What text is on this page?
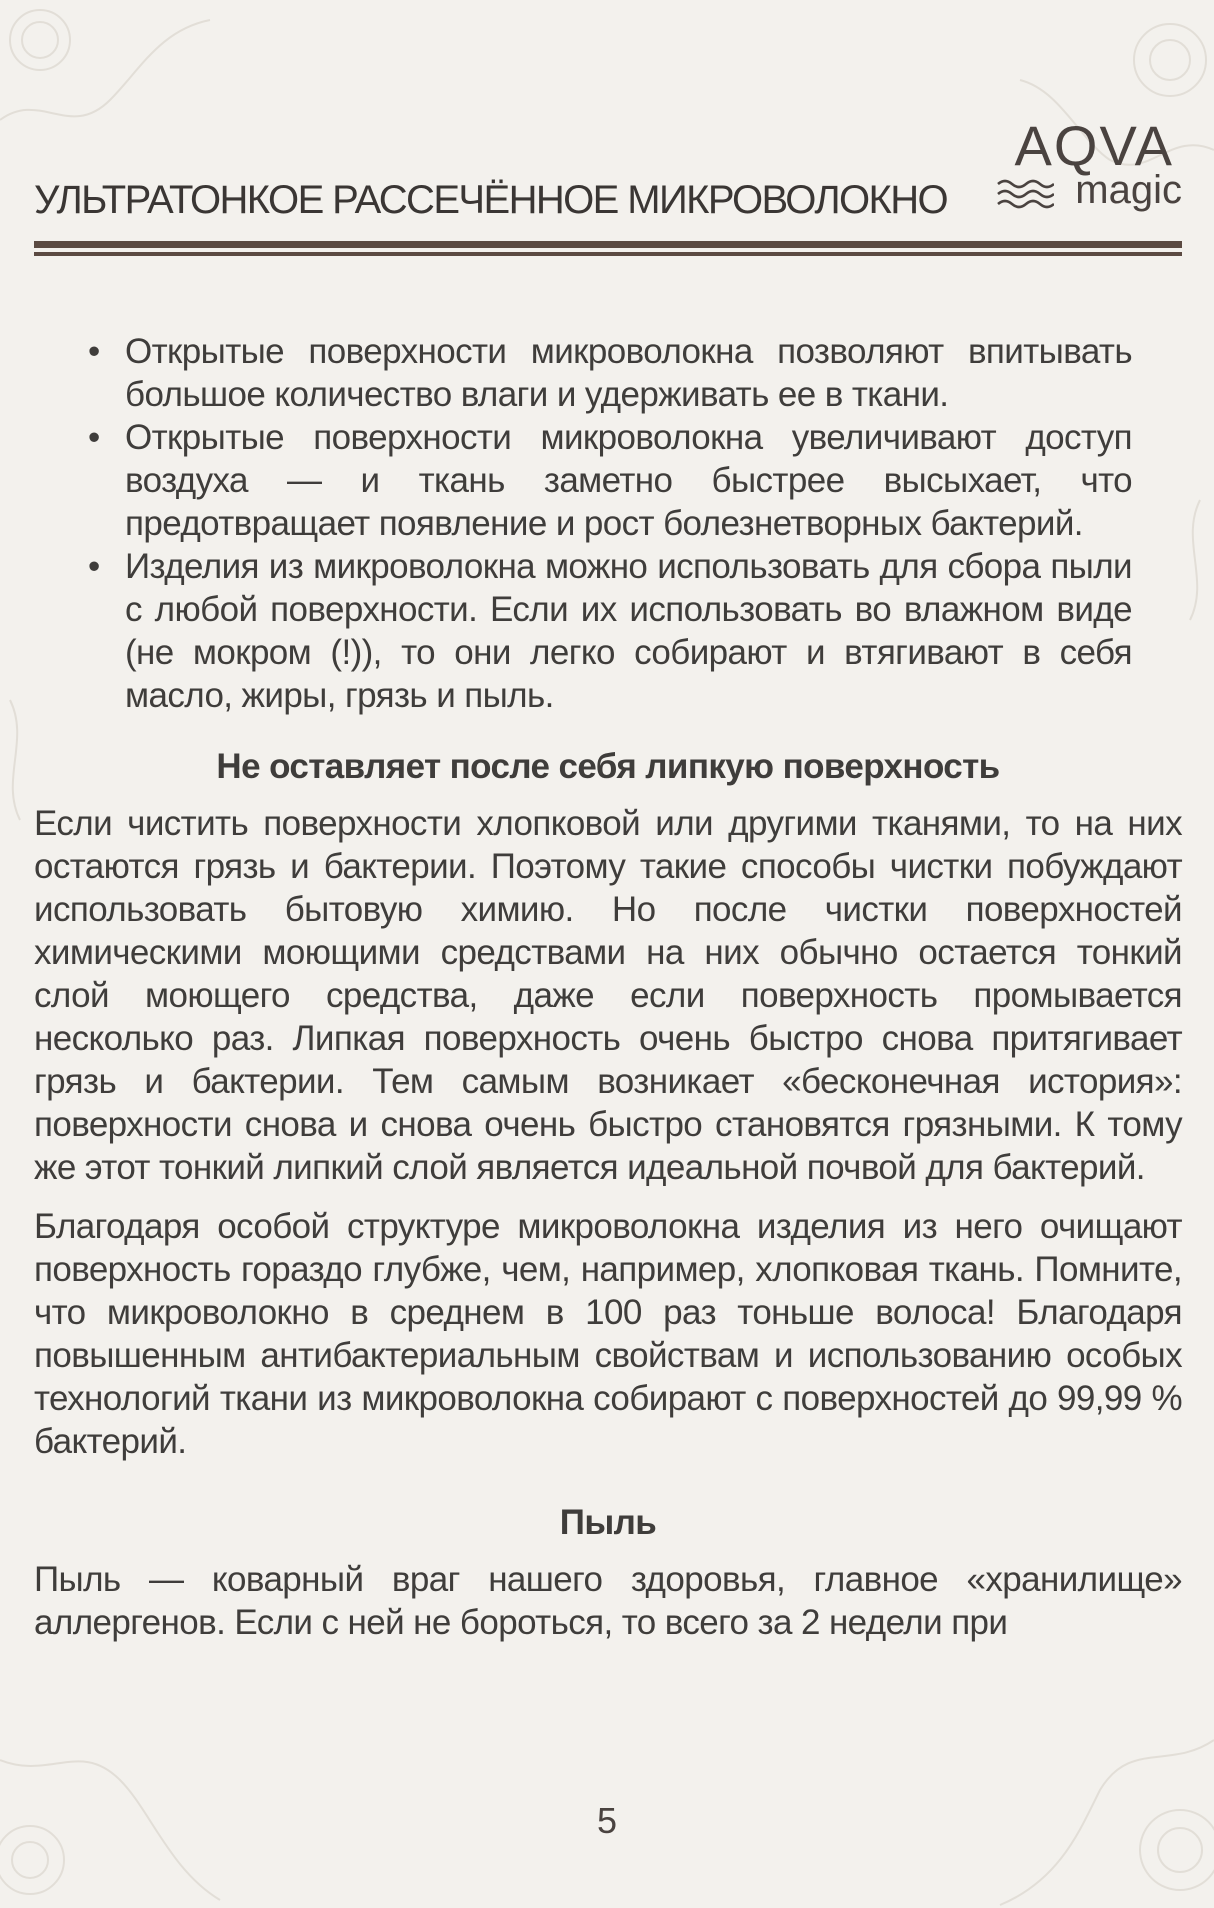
УЛЬТРАТОНКОЕ РАССЕЧЁННОЕ МИКРОВОЛОКНО
AQVA
magic
• Открытые поверхности микроволокна позволяют впитывать большое количество влаги и удерживать ее в ткани.
• Открытые поверхности микроволокна увеличивают доступ воздуха — и ткань заметно быстрее высыхает, что предотвращает появление и рост болезнетворных бактерий.
• Изделия из микроволокна можно использовать для сбора пыли с любой поверхности. Если их использовать во влажном виде (не мокром (!)), то они легко собирают и втягивают в себя масло, жиры, грязь и пыль.
Не оставляет после себя липкую поверхность

Если чистить поверхности хлопковой или другими тканями, то на них остаются грязь и бактерии. Поэтому такие способы чистки побуждают использовать бытовую химию. Но после чистки поверхностей химическими моющими средствами на них обычно остается тонкий слой моющего средства, даже если поверхность промывается несколько раз. Липкая поверхность очень быстро снова притягивает грязь и бактерии. Тем самым возникает «бесконечная история»: поверхности снова и снова очень быстро становятся грязными. К тому же этот тонкий липкий слой является идеальной почвой для бактерий.

Благодаря особой структуре микроволокна изделия из него очищают поверхность гораздо глубже, чем, например, хлопковая ткань. Помните, что микроволокно в среднем в 100 раз тоньше волоса! Благодаря повышенным антибактериальным свойствам и использованию особых технологий ткани из микроволокна собирают с поверхностей до 99,99 % бактерий.

Пыль

Пыль — коварный враг нашего здоровья, главное «хранилище» аллергенов. Если с ней не бороться, то всего за 2 недели при

5
